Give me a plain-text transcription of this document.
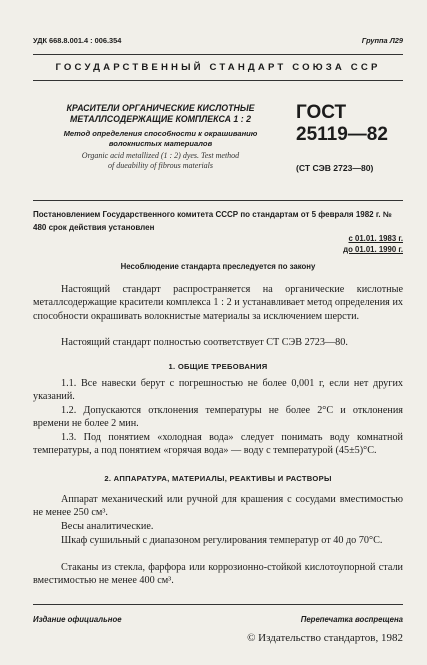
УДК 668.8.001.4 : 006.354	Группа Л29
ГОСУДАРСТВЕННЫЙ СТАНДАРТ СОЮЗА ССР
КРАСИТЕЛИ ОРГАНИЧЕСКИЕ КИСЛОТНЫЕ
МЕТАЛЛСОДЕРЖАЩИЕ КОМПЛЕКСА 1 : 2
Метод определения способности к окрашиванию
волокнистых материалов
Organic acid metallized (1 : 2) dyes. Test method
of dueability of fibrous materials
ГОСТ
25119—82
(СТ СЭВ 2723—80)
Постановлением Государственного комитета СССР по стандартам от 5 февраля 1982 г. № 480 срок действия установлен
с 01.01. 1983 г.
до 01.01. 1990 г.
Несоблюдение стандарта преследуется по закону
Настоящий стандарт распространяется на органические кислотные металлсодержащие красители комплекса 1 : 2 и устанавливает метод определения их способности окрашивать волокнистые материалы за исключением шерсти.
Настоящий стандарт полностью соответствует СТ СЭВ 2723—80.
1. ОБЩИЕ ТРЕБОВАНИЯ
1.1. Все навески берут с погрешностью не более 0,001 г, если нет других указаний.
1.2. Допускаются отклонения температуры не более 2°С и отклонения времени не более 2 мин.
1.3. Под понятием «холодная вода» следует понимать воду комнатной температуры, а под понятием «горячая вода» — воду с температурой (45±5)°С.
2. АППАРАТУРА, МАТЕРИАЛЫ, РЕАКТИВЫ И РАСТВОРЫ
Аппарат механический или ручной для крашения с сосудами вместимостью не менее 250 см³.
Весы аналитические.
Шкаф сушильный с диапазоном регулирования температур от 40 до 70°С.
Стаканы из стекла, фарфора или коррозионно-стойкой кислотоупорной стали вместимостью не менее 400 см³.
Издание официальное	Перепечатка воспрещена
© Издательство стандартов, 1982
